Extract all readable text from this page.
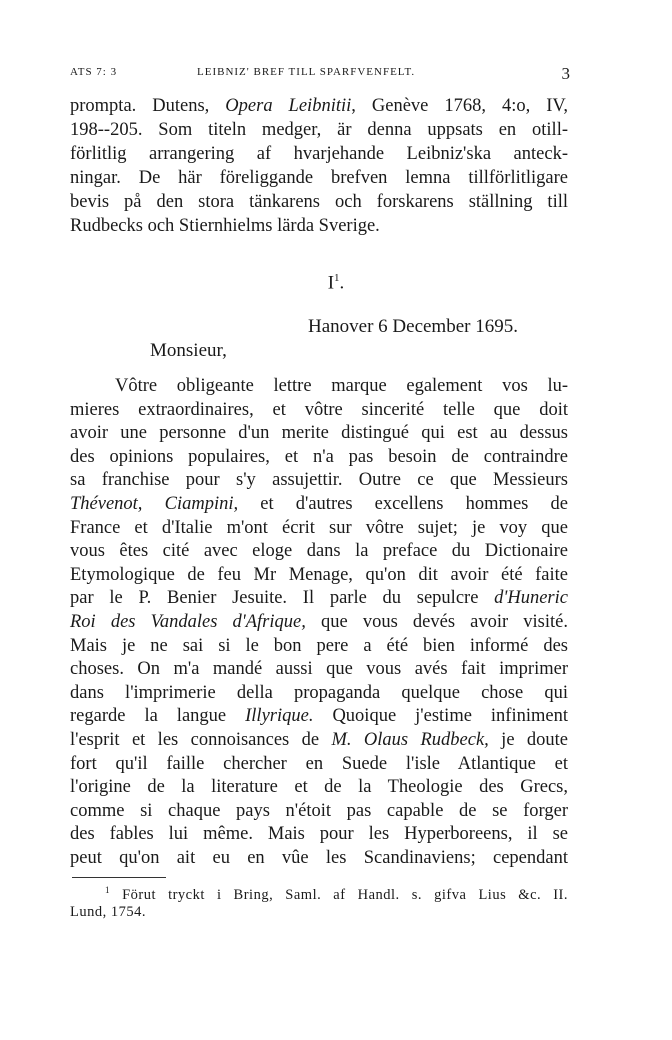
ATS 7: 3	LEIBNIZ' BREF TILL SPARFVENFELT.	3
prompta. Dutens, Opera Leibnitii, Genève 1768, 4:o, IV,
198--205. Som titeln medger, är denna uppsats en otill-
förlitlig arrangering af hvarjehande Leibniz'ska anteck-
ningar. De här föreliggande brefven lemna tillförlitligare
bevis på den stora tänkarens och forskarens ställning till
Rudbecks och Stiernhielms lärda Sverige.
$I^1$.
Hanover 6 December 1695.
Monsieur,
Vôtre obligeante lettre marque egalement vos lu-
mieres extraordinaires, et vôtre sincerité telle que doit
avoir une personne d'un merite distingué qui est au dessus
des opinions populaires, et n'a pas besoin de contraindre
sa franchise pour s'y assujettir. Outre ce que Messieurs
Thévenot, Ciampini, et d'autres excellens hommes de
France et d'Italie m'ont écrit sur vôtre sujet; je voy que
vous êtes cité avec eloge dans la preface du Dictionaire
Etymologique de feu Mr Menage, qu'on dit avoir été faite
par le P. Benier Jesuite. Il parle du sepulcre d'Huneric
Roi des Vandales d'Afrique, que vous devés avoir visité.
Mais je ne sai si le bon pere a été bien informé des
choses. On m'a mandé aussi que vous avés fait imprimer
dans l'imprimerie della propaganda quelque chose qui
regarde la langue Illyrique. Quoique j'estime infiniment
l'esprit et les connoisances de M. Olaus Rudbeck, je doute
fort qu'il faille chercher en Suede l'isle Atlantique et
l'origine de la literature et de la Theologie des Grecs,
comme si chaque pays n'étoit pas capable de se forger
des fables lui même. Mais pour les Hyperboreens, il se
peut qu'on ait eu en vûe les Scandinaviens; cependant
$^1$ Förut tryckt i Bring, Saml. af Handl. s. gifva Lius &c. II.
Lund, 1754.
